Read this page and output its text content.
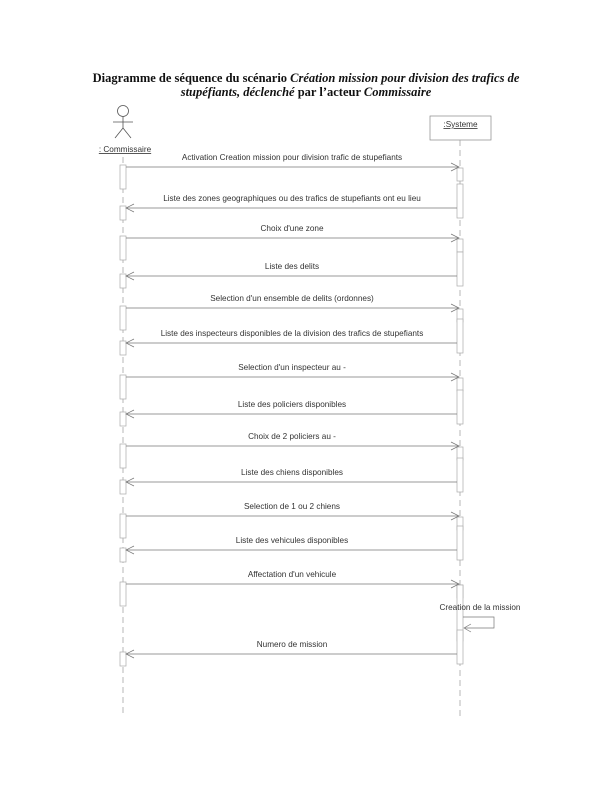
Diagramme de séquence du scénario Création mission pour division des trafics de
stupéfiants, déclenché par l’acteur Commissaire
: Commissaire
:Systeme
Activation Creation mission pour division trafic de stupefiants
Liste des zones geographiques ou des trafics de stupefiants ont eu lieu
Choix d'une zone
Liste des delits
Selection d'un ensemble de delits (ordonnes)
Liste des inspecteurs disponibles de la division des trafics de stupefiants
Selection d'un inspecteur au -
Liste des policiers disponibles
Choix de 2 policiers au -
Liste des chiens disponibles
Selection de 1 ou 2 chiens
Liste des vehicules disponibles
Affectation d'un vehicule
Creation de la mission
Numero de mission
